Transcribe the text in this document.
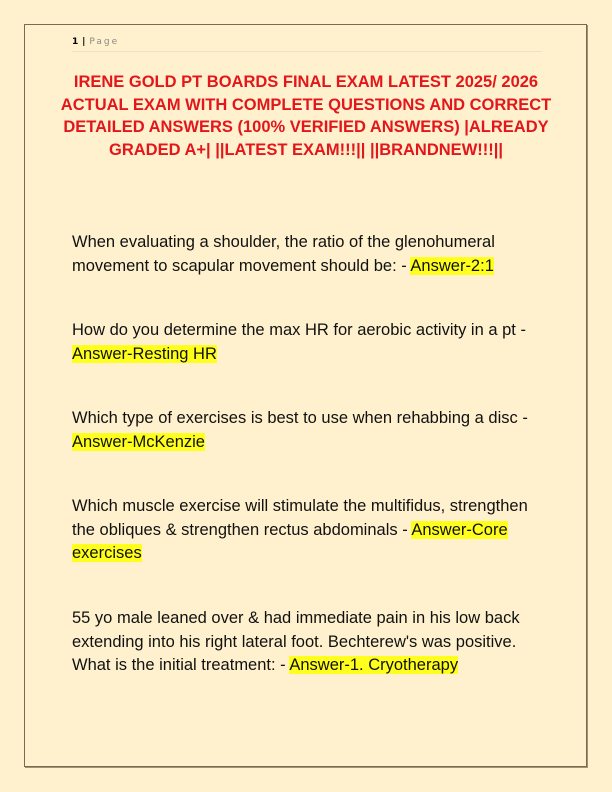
1 | Page
IRENE GOLD PT BOARDS FINAL EXAM LATEST 2025/ 2026 ACTUAL EXAM WITH COMPLETE QUESTIONS AND CORRECT DETAILED ANSWERS (100% VERIFIED ANSWERS) |ALREADY GRADED A+| ||LATEST EXAM!!!|| ||BRANDNEW!!!||
When evaluating a shoulder, the ratio of the glenohumeral movement to scapular movement should be: - Answer-2:1
How do you determine the max HR for aerobic activity in a pt - Answer-Resting HR
Which type of exercises is best to use when rehabbing a disc - Answer-McKenzie
Which muscle exercise will stimulate the multifidus, strengthen the obliques & strengthen rectus abdominals - Answer-Core exercises
55 yo male leaned over & had immediate pain in his low back extending into his right lateral foot. Bechterew's was positive. What is the initial treatment: - Answer-1. Cryotherapy
